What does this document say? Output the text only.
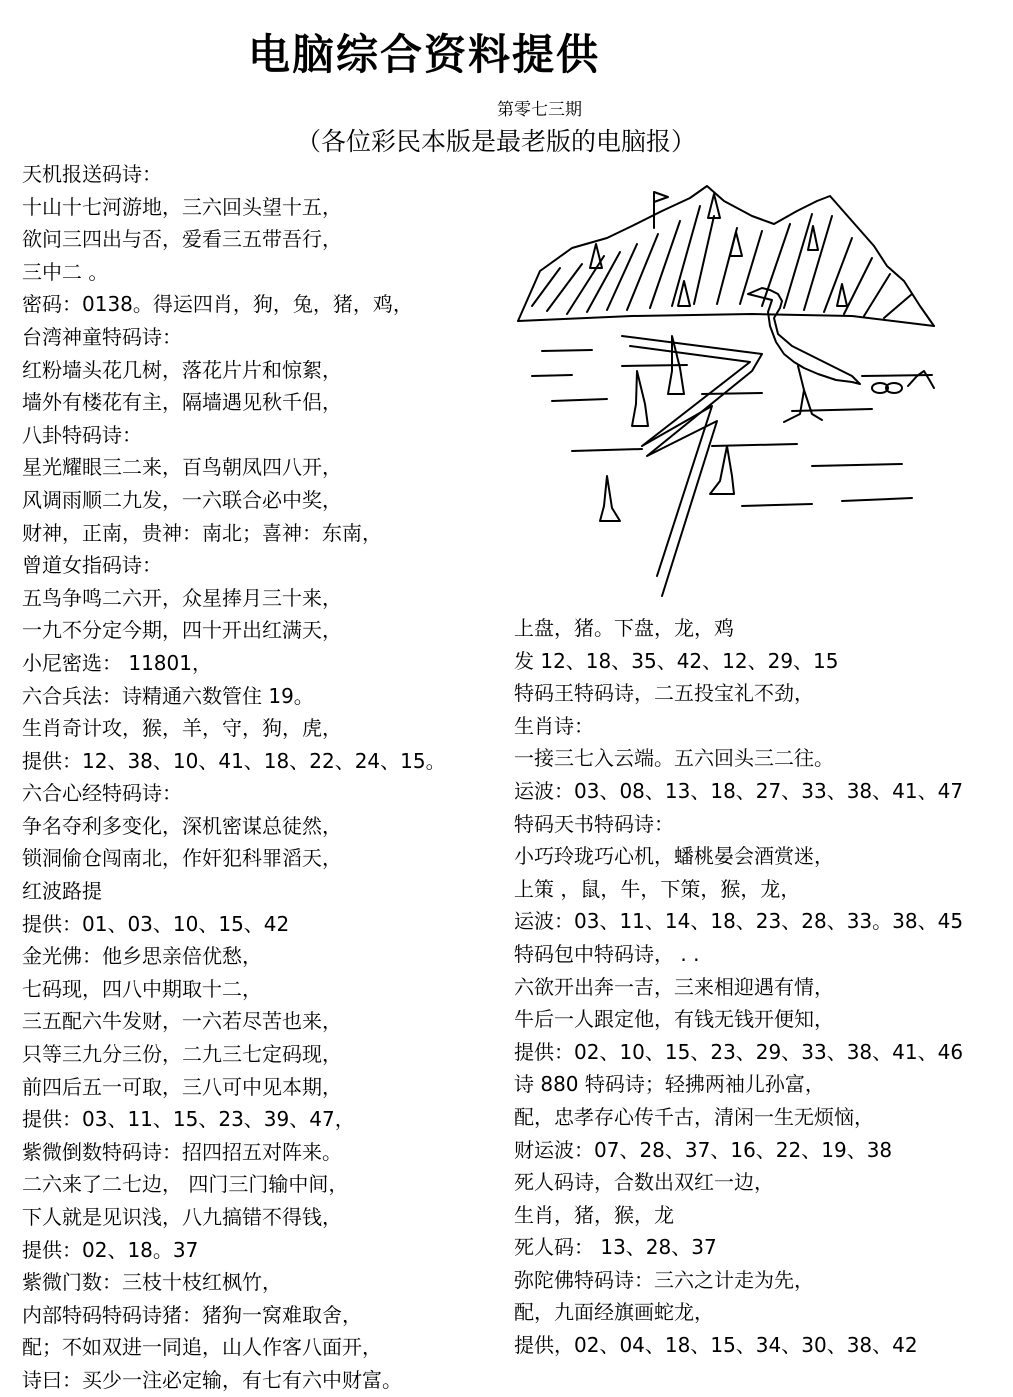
电脑综合资料提供
第零七三期
（各位彩民本版是最老版的电脑报）
天机报送码诗：
十山十七河游地，三六回头望十五，
欲问三四出与否，爱看三五带吾行，
三中二 。
密码：0138。得运四肖，狗，兔，猪，鸡，
台湾神童特码诗：
红粉墙头花几树，落花片片和惊絮，
墙外有楼花有主，隔墙遇见秋千侣，
八卦特码诗：
星光耀眼三二来，百鸟朝凤四八开，
风调雨顺二九发，一六联合必中奖，
财神，正南，贵神：南北；喜神：东南，
曾道女指码诗：
五鸟争鸣二六开，众星捧月三十来，
一九不分定今期，四十开出红满天，
小尼密选： 11801，
六合兵法：诗精通六数管住 19。
生肖奇计攻，猴，羊，守，狗，虎，
提供：12、38、10、41、18、22、24、15。
六合心经特码诗：
争名夺利多变化，深机密谋总徒然，
锁洞偷仓闯南北，作奸犯科罪滔天，
红波路提
提供：01、03、10、15、42
金光佛：他乡思亲倍优愁，
七码现，四八中期取十二，
三五配六牛发财，一六若尽苦也来，
只等三九分三份，二九三七定码现，
前四后五一可取，三八可中见本期，
提供：03、11、15、23、39、47，
紫微倒数特码诗：招四招五对阵来。
二六来了二七边， 四门三门输中间，
下人就是见识浅，八九搞错不得钱，
提供：02、18。37
紫微门数：三枝十枝红枫竹，
内部特码特码诗猪：猪狗一窝难取舍，
配；不如双进一同追，山人作客八面开，
诗曰：买少一注必定输，有七有六中财富。
上盘，猪。下盘，龙，鸡
发 12、18、35、42、12、29、15
特码王特码诗，二五投宝礼不劲，
生肖诗：
一接三七入云端。五六回头三二往。
运波：03、08、13、18、27、33、38、41、47
特码天书特码诗：
小巧玲珑巧心机，蟠桃晏会酒赏迷，
上策 ，鼠，牛，下策，猴，龙，
运波：03、11、14、18、23、28、33。38、45
特码包中特码诗， . .
六欲开出奔一吉，三来相迎遇有情，
牛后一人跟定他，有钱无钱开便知，
提供：02、10、15、23、29、33、38、41、46
诗 880 特码诗；轻拂两袖儿孙富，
配，忠孝存心传千古，清闲一生无烦恼，
财运波：07、28、37、16、22、19、38
死人码诗，合数出双红一边，
生肖，猪，猴，龙
死人码： 13、28、37
弥陀佛特码诗：三六之计走为先，
配，九面经旗画蛇龙，
提供，02、04、18、15、34、30、38、42
